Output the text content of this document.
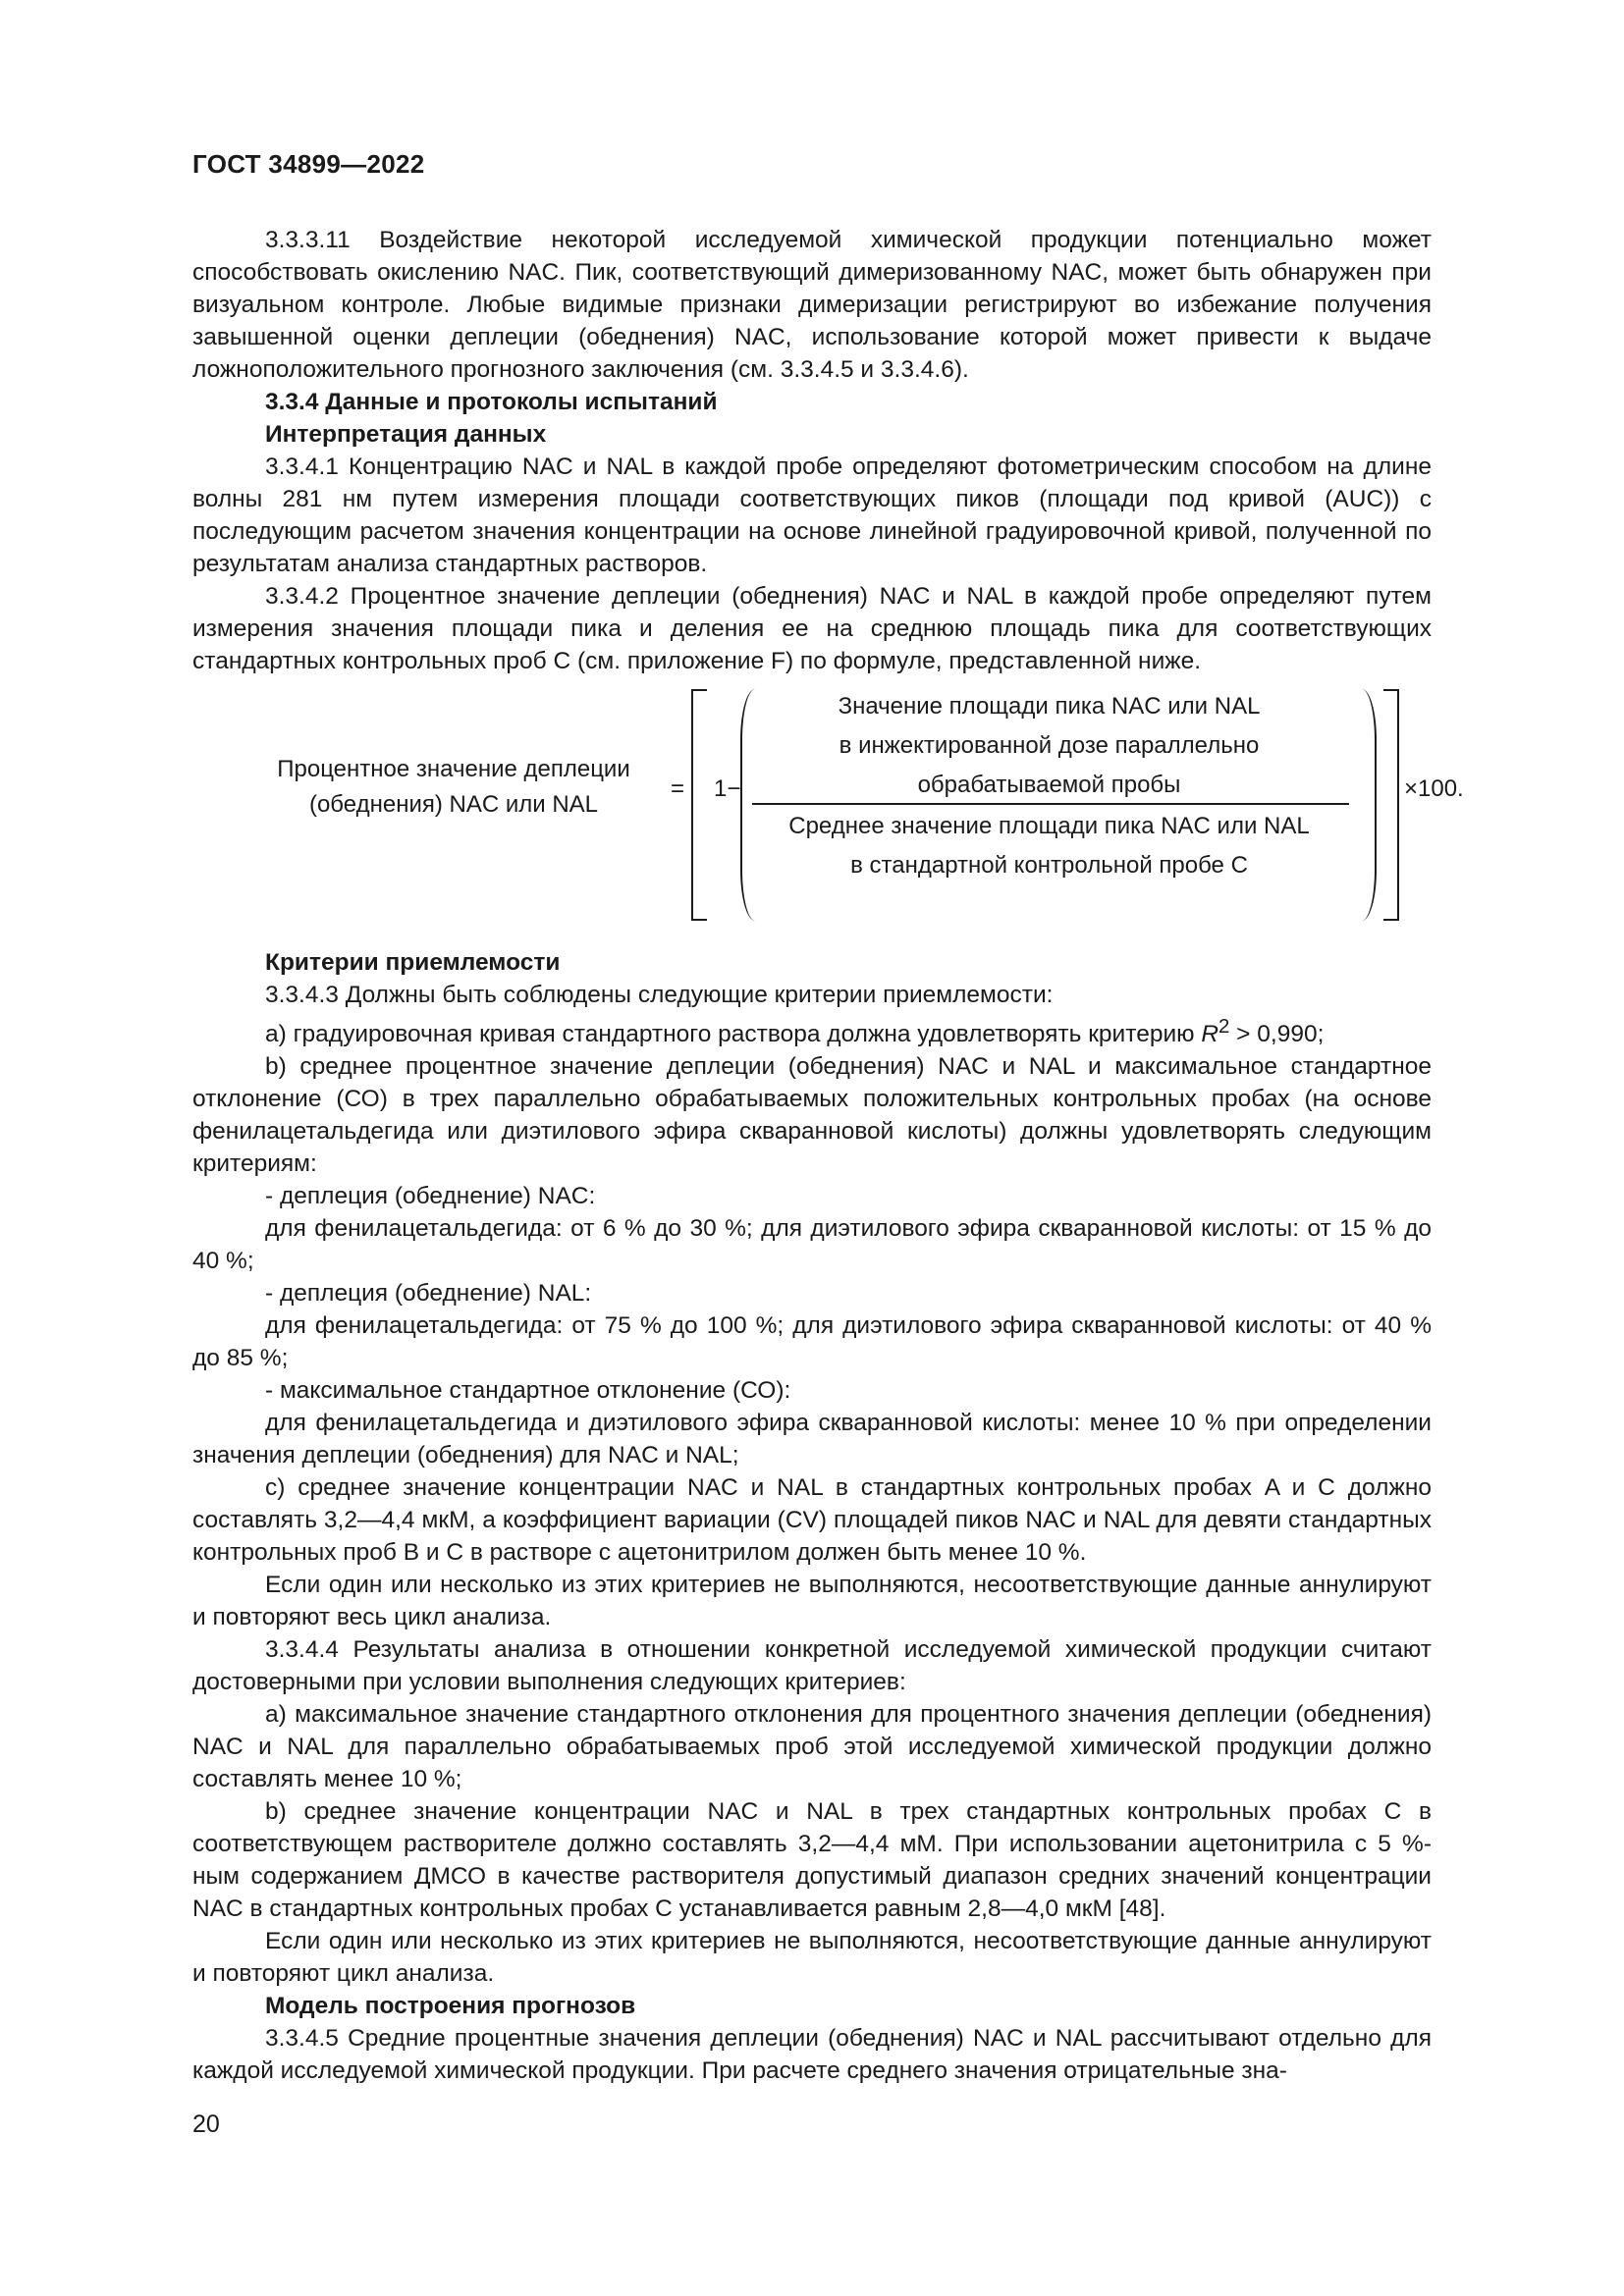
ГОСТ 34899—2022

3.3.3.11 Воздействие некоторой исследуемой химической продукции потенциально может способствовать окислению NAC. Пик, соответствующий димеризованному NAC, может быть обнаружен при визуальном контроле. Любые видимые признаки димеризации регистрируют во избежание получения завышенной оценки деплеции (обеднения) NAC, использование которой может привести к выдаче ложноположительного прогнозного заключения (см. 3.3.4.5 и 3.3.4.6).

3.3.4 Данные и протоколы испытаний

Интерпретация данных

3.3.4.1 Концентрацию NAC и NAL в каждой пробе определяют фотометрическим способом на длине волны 281 нм путем измерения площади соответствующих пиков (площади под кривой (AUC)) с последующим расчетом значения концентрации на основе линейной градуировочной кривой, полученной по результатам анализа стандартных растворов.

3.3.4.2 Процентное значение деплеции (обеднения) NAC и NAL в каждой пробе определяют путем измерения значения площади пика и деления ее на среднюю площадь пика для соответствующих стандартных контрольных проб C (см. приложение F) по формуле, представленной ниже.

Процентное значение деплеции
(обеднения) NAC или NAL
= 1−
Значение площади пика NAC или NAL
в инжектированной дозе параллельно
обрабатываемой пробы
Среднее значение площади пика NAC или NAL
в стандартной контрольной пробе C
×100.

Критерии приемлемости

3.3.4.3 Должны быть соблюдены следующие критерии приемлемости:

а) градуировочная кривая стандартного раствора должна удовлетворять критерию $R^2 > 0,990$;

b) среднее процентное значение деплеции (обеднения) NAC и NAL и максимальное стандартное отклонение (СО) в трех параллельно обрабатываемых положительных контрольных пробах (на основе фенилацетальдегида или диэтилового эфира скваранновой кислоты) должны удовлетворять следующим критериям:

- деплеция (обеднение) NAC:

для фенилацетальдегида: от 6 % до 30 %; для диэтилового эфира скваранновой кислоты: от 15 % до 40 %;

- деплеция (обеднение) NAL:

для фенилацетальдегида: от 75 % до 100 %; для диэтилового эфира скваранновой кислоты: от 40 % до 85 %;

- максимальное стандартное отклонение (СО):

для фенилацетальдегида и диэтилового эфира скваранновой кислоты: менее 10 % при определении значения деплеции (обеднения) для NAC и NAL;

c) среднее значение концентрации NAC и NAL в стандартных контрольных пробах A и C должно составлять 3,2—4,4 мкМ, а коэффициент вариации (CV) площадей пиков NAC и NAL для девяти стандартных контрольных проб B и C в растворе с ацетонитрилом должен быть менее 10 %.

Если один или несколько из этих критериев не выполняются, несоответствующие данные аннулируют и повторяют весь цикл анализа.

3.3.4.4 Результаты анализа в отношении конкретной исследуемой химической продукции считают достоверными при условии выполнения следующих критериев:

а) максимальное значение стандартного отклонения для процентного значения деплеции (обеднения) NAC и NAL для параллельно обрабатываемых проб этой исследуемой химической продукции должно составлять менее 10 %;

b) среднее значение концентрации NAC и NAL в трех стандартных контрольных пробах C в соответствующем растворителе должно составлять 3,2—4,4 мМ. При использовании ацетонитрила с 5 %-ным содержанием ДМСО в качестве растворителя допустимый диапазон средних значений концентрации NAC в стандартных контрольных пробах C устанавливается равным 2,8—4,0 мкМ [48].

Если один или несколько из этих критериев не выполняются, несоответствующие данные аннулируют и повторяют цикл анализа.

Модель построения прогнозов

3.3.4.5 Средние процентные значения деплеции (обеднения) NAC и NAL рассчитывают отдельно для каждой исследуемой химической продукции. При расчете среднего значения отрицательные зна-

20
